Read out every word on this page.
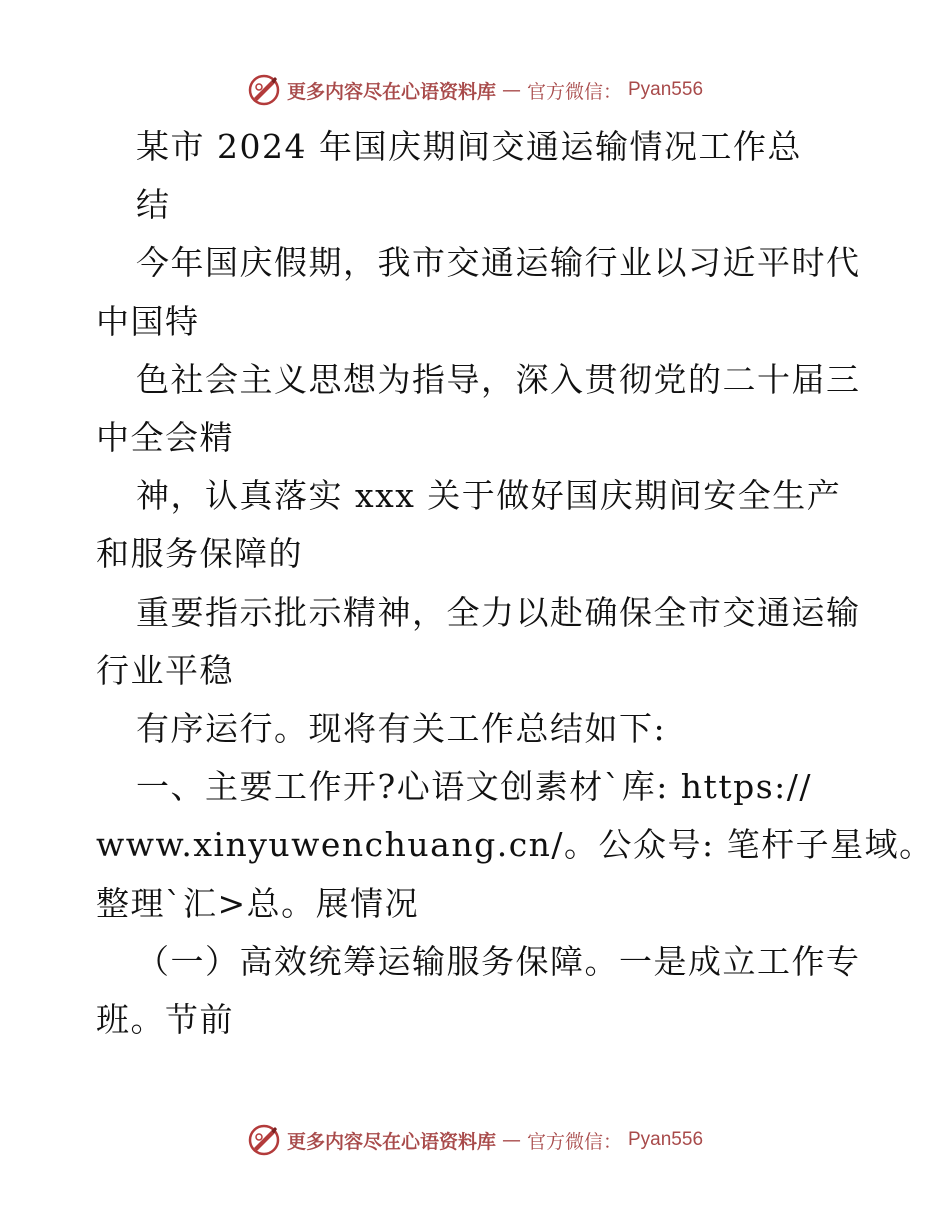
更多内容尽在心语资料库 — 官方微信： Pyan556
某市 2024 年国庆期间交通运输情况工作总
结
今年国庆假期，我市交通运输行业以习近平时代
中国特
色社会主义思想为指导，深入贯彻党的二十届三
中全会精
神，认真落实 xxx 关于做好国庆期间安全生产
和服务保障的
重要指示批示精神，全力以赴确保全市交通运输
行业平稳
有序运行。现将有关工作总结如下:
一、主要工作开?心语文创素材`库: https://
www.xinyuwenchuang.cn/。公众号: 笔杆子星域。
整理`汇>总。展情况
（一）高效统筹运输服务保障。一是成立工作专
班。节前
更多内容尽在心语资料库 — 官方微信： Pyan556
